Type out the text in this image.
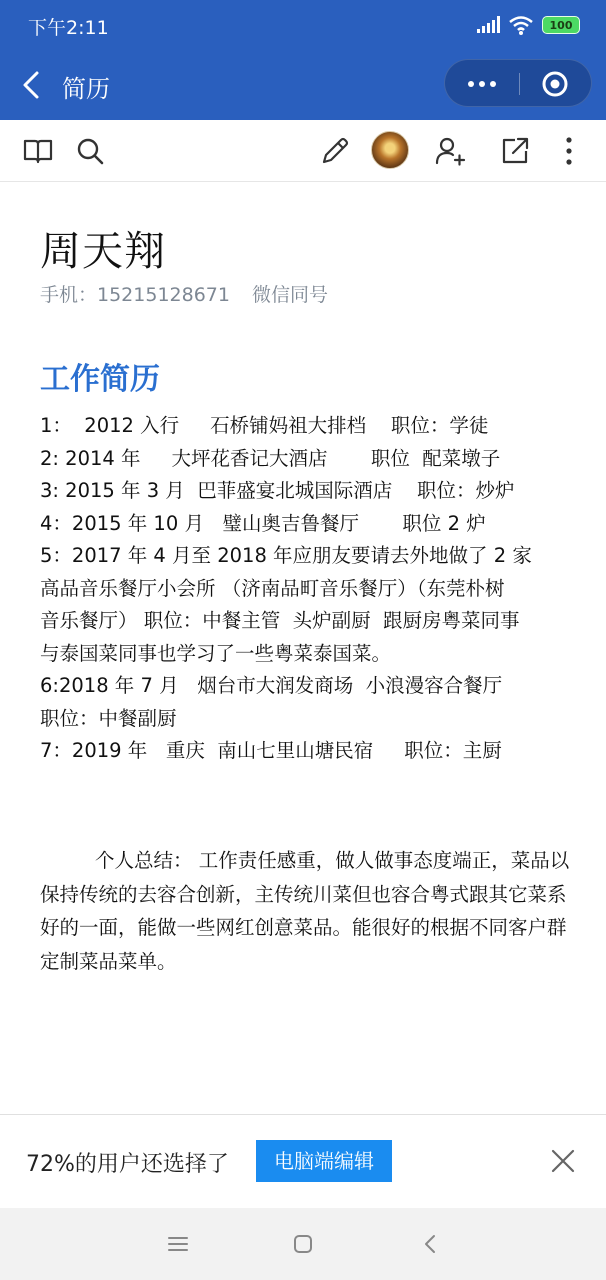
下午2:11	100
简历
周天翔
手机：15215128671 微信同号
工作简历
1：  2012 入行     石桥铺妈祖大排档    职位：学徒
2: 2014 年     大坪花香记大酒店       职位  配菜墩子
3: 2015 年 3 月  巴菲盛宴北城国际酒店    职位：炒炉
4：2015 年 10 月   璧山奥吉鲁餐厅       职位 2 炉
5：2017 年 4 月至 2018 年应朋友要请去外地做了 2 家
高品音乐餐厅小会所 （济南品町音乐餐厅）（东莞朴树
音乐餐厅） 职位：中餐主管  头炉副厨  跟厨房粤菜同事
与泰国菜同事也学习了一些粤菜泰国菜。
6:2018 年 7 月   烟台市大润发商场  小浪漫容合餐厅
职位：中餐副厨
7：2019 年   重庆  南山七里山塘民宿     职位：主厨
个人总结： 工作责任感重，做人做事态度端正，菜品以保持传统的去容合创新，主传统川菜但也容合粤式跟其它菜系好的一面，能做一些网红创意菜品。能很好的根据不同客户群定制菜品菜单。
72%的用户还选择了	电脑端编辑
